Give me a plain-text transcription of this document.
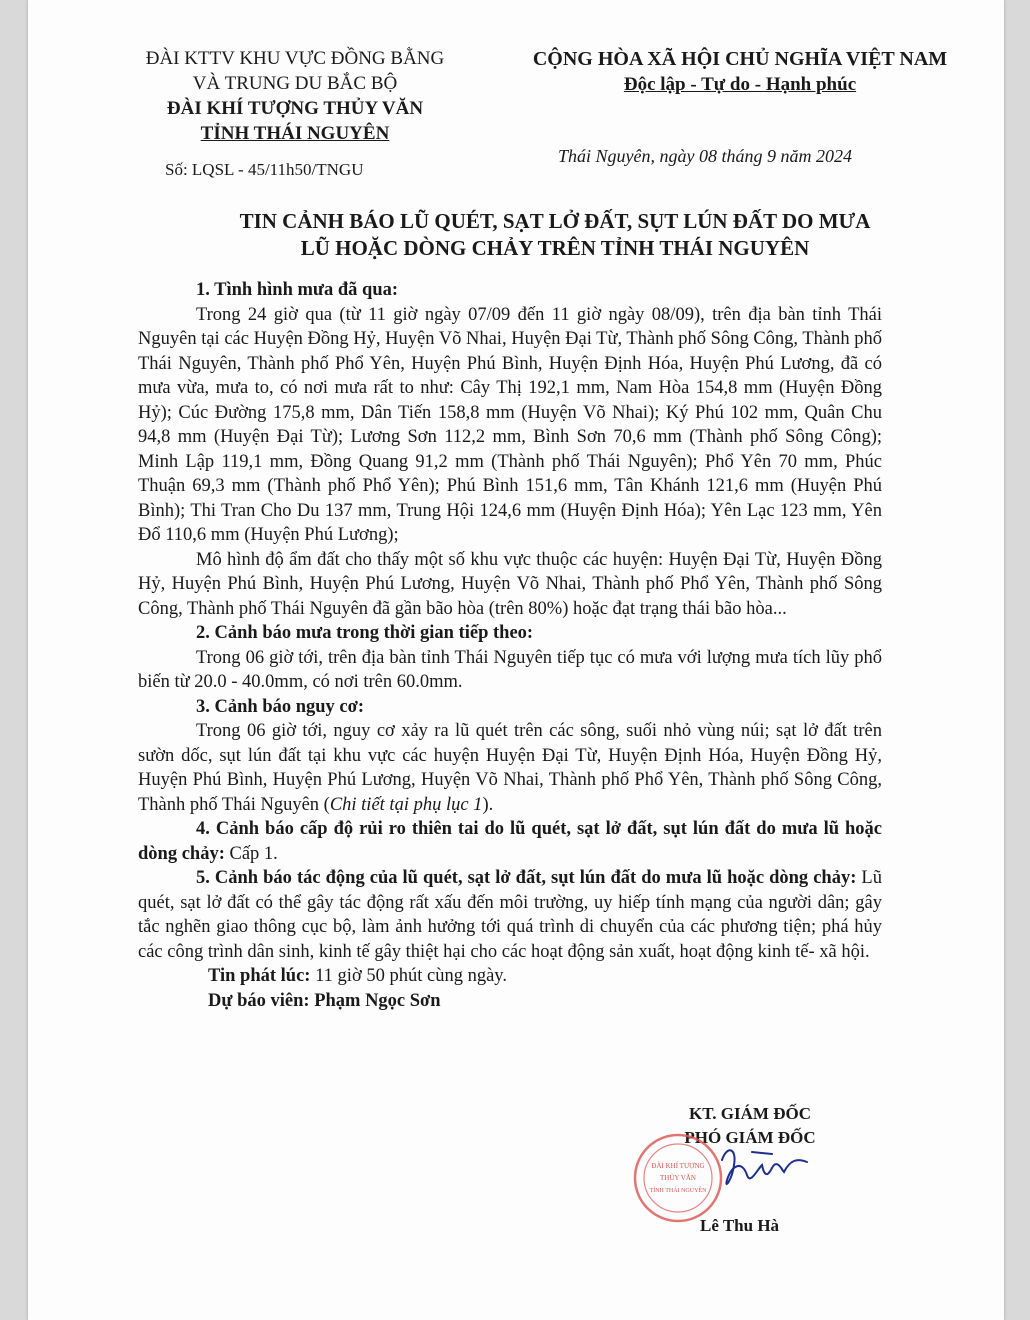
ĐÀI KTTV KHU VỰC ĐỒNG BẰNG
VÀ TRUNG DU BẮC BỘ
ĐÀI KHÍ TƯỢNG THỦY VĂN
TỈNH THÁI NGUYÊN
Số: LQSL - 45/11h50/TNGU
CỘNG HÒA XÃ HỘI CHỦ NGHĨA VIỆT NAM
Độc lập - Tự do - Hạnh phúc
Thái Nguyên, ngày 08 tháng 9 năm 2024
TIN CẢNH BÁO LŨ QUÉT, SẠT LỞ ĐẤT, SỤT LÚN ĐẤT DO MƯA
LŨ HOẶC DÒNG CHẢY TRÊN TỈNH THÁI NGUYÊN

1. Tình hình mưa đã qua:

Trong 24 giờ qua (từ 11 giờ ngày 07/09 đến 11 giờ ngày 08/09), trên địa bàn tỉnh Thái Nguyên tại các Huyện Đồng Hỷ, Huyện Võ Nhai, Huyện Đại Từ, Thành phố Sông Công, Thành phố Thái Nguyên, Thành phố Phổ Yên, Huyện Phú Bình, Huyện Định Hóa, Huyện Phú Lương, đã có mưa vừa, mưa to, có nơi mưa rất to như: Cây Thị 192,1 mm, Nam Hòa 154,8 mm (Huyện Đồng Hỷ); Cúc Đường 175,8 mm, Dân Tiến 158,8 mm (Huyện Võ Nhai); Ký Phú 102 mm, Quân Chu 94,8 mm (Huyện Đại Từ); Lương Sơn 112,2 mm, Bình Sơn 70,6 mm (Thành phố Sông Công); Minh Lập 119,1 mm, Đồng Quang 91,2 mm (Thành phố Thái Nguyên); Phổ Yên 70 mm, Phúc Thuận 69,3 mm (Thành phố Phổ Yên); Phú Bình 151,6 mm, Tân Khánh 121,6 mm (Huyện Phú Bình); Thi Tran Cho Du 137 mm, Trung Hội 124,6 mm (Huyện Định Hóa); Yên Lạc 123 mm, Yên Đổ 110,6 mm (Huyện Phú Lương);

Mô hình độ ẩm đất cho thấy một số khu vực thuộc các huyện: Huyện Đại Từ, Huyện Đồng Hỷ, Huyện Phú Bình, Huyện Phú Lương, Huyện Võ Nhai, Thành phố Phổ Yên, Thành phố Sông Công, Thành phố Thái Nguyên đã gần bão hòa (trên 80%) hoặc đạt trạng thái bão hòa...

2. Cảnh báo mưa trong thời gian tiếp theo:

Trong 06 giờ tới, trên địa bàn tỉnh Thái Nguyên tiếp tục có mưa với lượng mưa tích lũy phổ biến từ 20.0 - 40.0mm, có nơi trên 60.0mm.

3. Cảnh báo nguy cơ:

Trong 06 giờ tới, nguy cơ xảy ra lũ quét trên các sông, suối nhỏ vùng núi; sạt lở đất trên sườn dốc, sụt lún đất tại khu vực các huyện Huyện Đại Từ, Huyện Định Hóa, Huyện Đồng Hỷ, Huyện Phú Bình, Huyện Phú Lương, Huyện Võ Nhai, Thành phố Phổ Yên, Thành phố Sông Công, Thành phố Thái Nguyên (Chi tiết tại phụ lục 1).

4. Cảnh báo cấp độ rủi ro thiên tai do lũ quét, sạt lở đất, sụt lún đất do mưa lũ hoặc dòng chảy: Cấp 1.

5. Cảnh báo tác động của lũ quét, sạt lở đất, sụt lún đất do mưa lũ hoặc dòng chảy: Lũ quét, sạt lở đất có thể gây tác động rất xấu đến môi trường, uy hiếp tính mạng của người dân; gây tắc nghẽn giao thông cục bộ, làm ảnh hưởng tới quá trình di chuyển của các phương tiện; phá hủy các công trình dân sinh, kinh tế gây thiệt hại cho các hoạt động sản xuất, hoạt động kinh tế- xã hội.

Tin phát lúc: 11 giờ 50 phút cùng ngày.

Dự báo viên: Phạm Ngọc Sơn

KT. GIÁM ĐỐC
PHÓ GIÁM ĐỐC
ĐÀI KHÍ TƯỢNG
THỦY VĂN
TỈNH THÁI NGUYÊN
Lê Thu Hà
